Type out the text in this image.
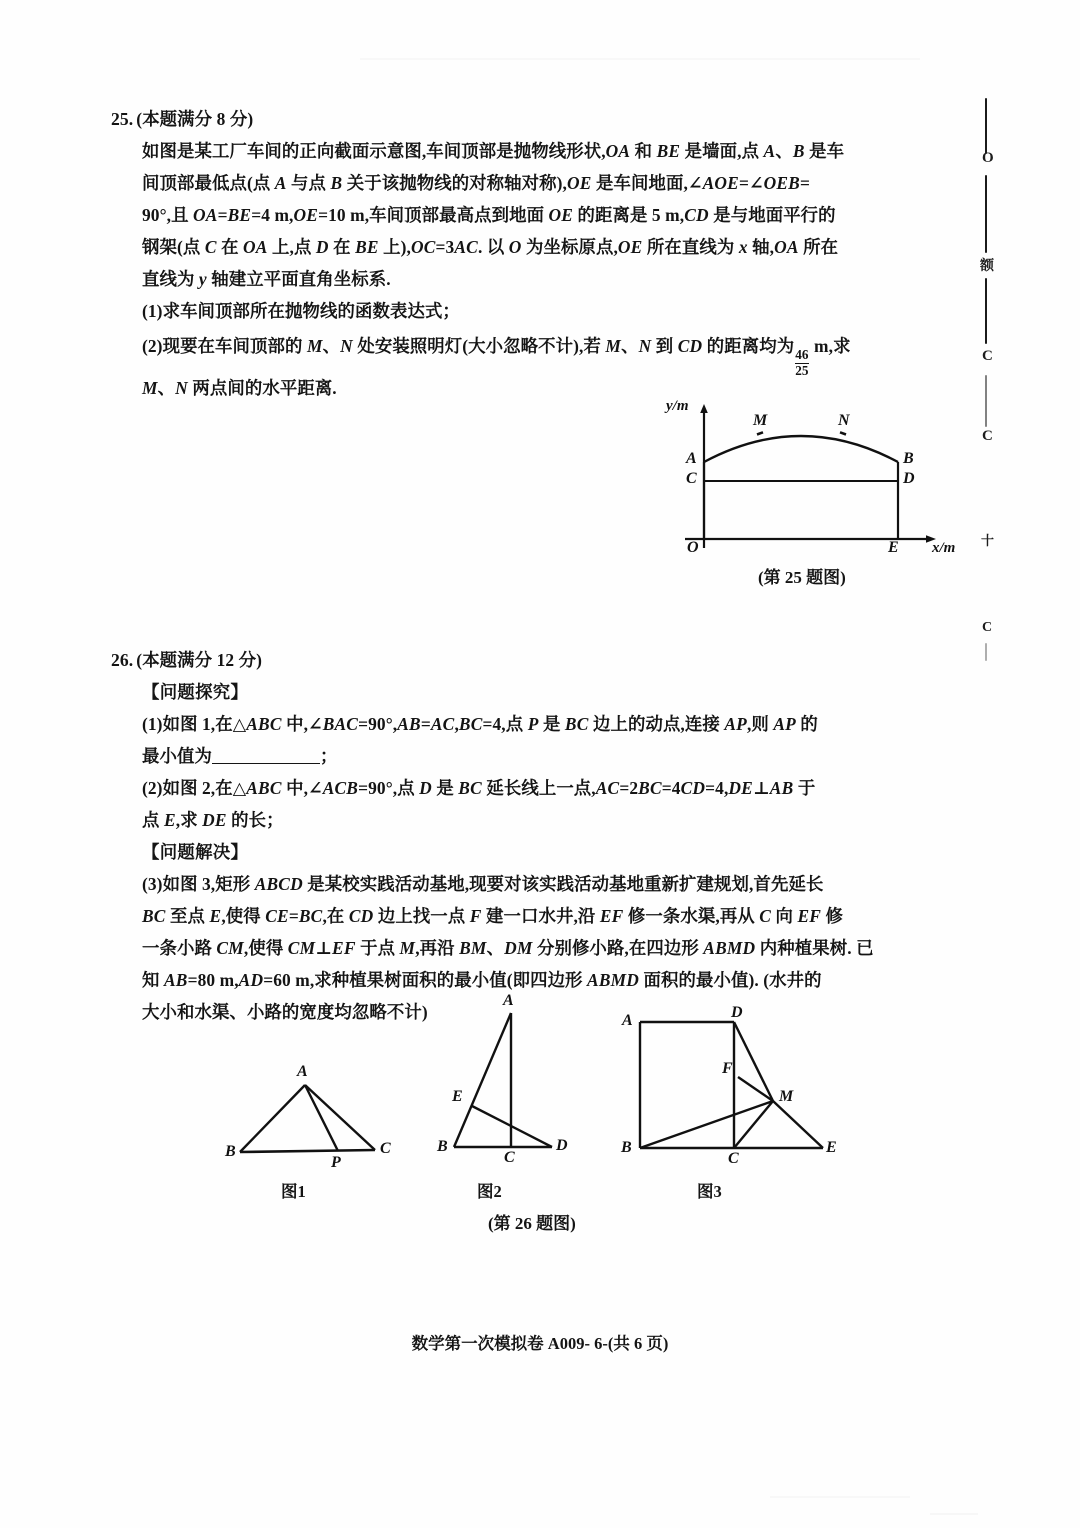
25. (本题满分 8 分)
如图是某工厂车间的正向截面示意图,车间顶部是抛物线形状,OA 和 BE 是墙面,点 A、B 是车
间顶部最低点(点 A 与点 B 关于该抛物线的对称轴对称),OE 是车间地面,∠AOE=∠OEB=
90°,且 OA=BE=4 m,OE=10 m,车间顶部最高点到地面 OE 的距离是 5 m,CD 是与地面平行的
钢架(点 C 在 OA 上,点 D 在 BE 上),OC=3AC. 以 O 为坐标原点,OE 所在直线为 x 轴,OA 所在
直线为 y 轴建立平面直角坐标系.
(1)求车间顶部所在抛物线的函数表达式；
(2)现要在车间顶部的 M、N 处安装照明灯(大小忽略不计),若 M、N 到 CD 的距离均为
$\frac{46}{25}$
m,求
M、N 两点间的水平距离.
y/m
x/m
O
A	B
C	D
E
M	N
(第 25 题图)
26. (本题满分 12 分)
【问题探究】
(1)如图 1,在△ABC 中,∠BAC=90°,AB=AC,BC=4,点 P 是 BC 边上的动点,连接 AP,则 AP 的
最小值为	；
(2)如图 2,在△ABC 中,∠ACB=90°,点 D 是 BC 延长线上一点,AC=2BC=4CD=4,DE⊥AB 于
点 E,求 DE 的长；
【问题解决】
(3)如图 3,矩形 ABCD 是某校实践活动基地,现要对该实践活动基地重新扩建规划,首先延长
BC 至点 E,使得 CE=BC,在 CD 边上找一点 F 建一口水井,沿 EF 修一条水渠,再从 C 向 EF 修
一条小路 CM,使得 CM⊥EF 于点 M,再沿 BM、DM 分别修小路,在四边形 ABMD 内种植果树. 已
知 AB=80 m,AD=60 m,求种植果树面积的最小值(即四边形 ABMD 面积的最小值). (水井的
大小和水渠、小路的宽度均忽略不计)
A
B	C
P
图1
A
B
C
D
E
图2
A	D
B
C
E
F
M
图3
(第 26 题图)
数学第一次模拟卷 A009- 6-(共 6 页)
O
额
C
C
十
C
